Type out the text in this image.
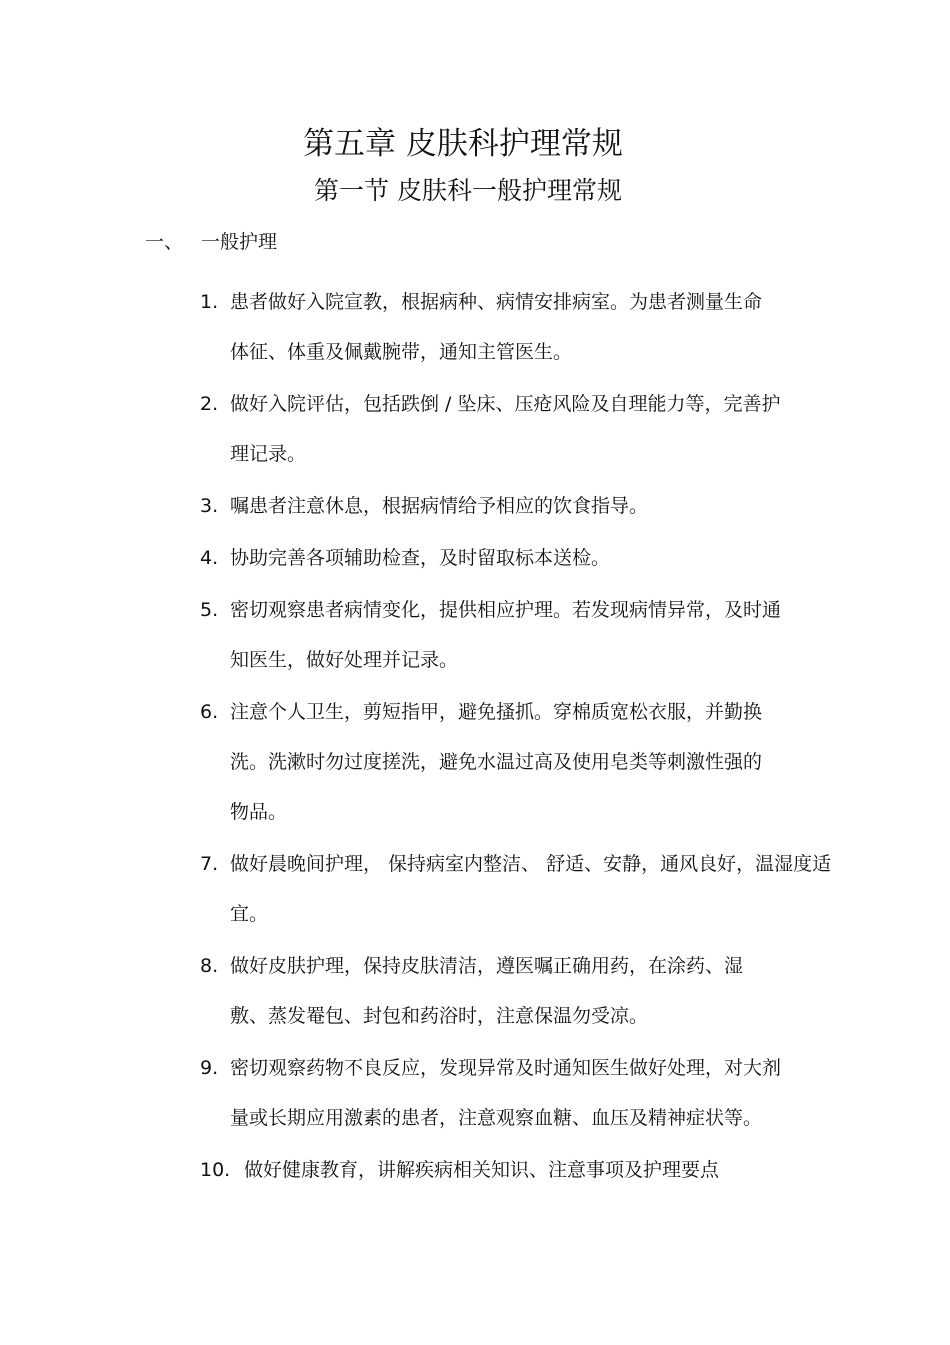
第五章 皮肤科护理常规
第一节 皮肤科一般护理常规
一、 一般护理
1. 患者做好入院宣教，根据病种、病情安排病室。为患者测量生命体征、体重及佩戴腕带，通知主管医生。
2. 做好入院评估，包括跌倒 / 坠床、压疮风险及自理能力等，完善护理记录。
3. 嘱患者注意休息，根据病情给予相应的饮食指导。
4. 协助完善各项辅助检查，及时留取标本送检。
5. 密切观察患者病情变化，提供相应护理。若发现病情异常，及时通知医生，做好处理并记录。
6. 注意个人卫生，剪短指甲，避免搔抓。穿棉质宽松衣服，并勤换洗。洗漱时勿过度搓洗，避免水温过高及使用皂类等刺激性强的物品。
7. 做好晨晚间护理， 保持病室内整洁、 舒适、安静，通风良好，温湿度适宜。
8. 做好皮肤护理，保持皮肤清洁，遵医嘱正确用药，在涂药、湿敷、蒸发罨包、封包和药浴时，注意保温勿受凉。
9. 密切观察药物不良反应，发现异常及时通知医生做好处理，对大剂量或长期应用激素的患者，注意观察血糖、血压及精神症状等。
10. 做好健康教育，讲解疾病相关知识、注意事项及护理要点
